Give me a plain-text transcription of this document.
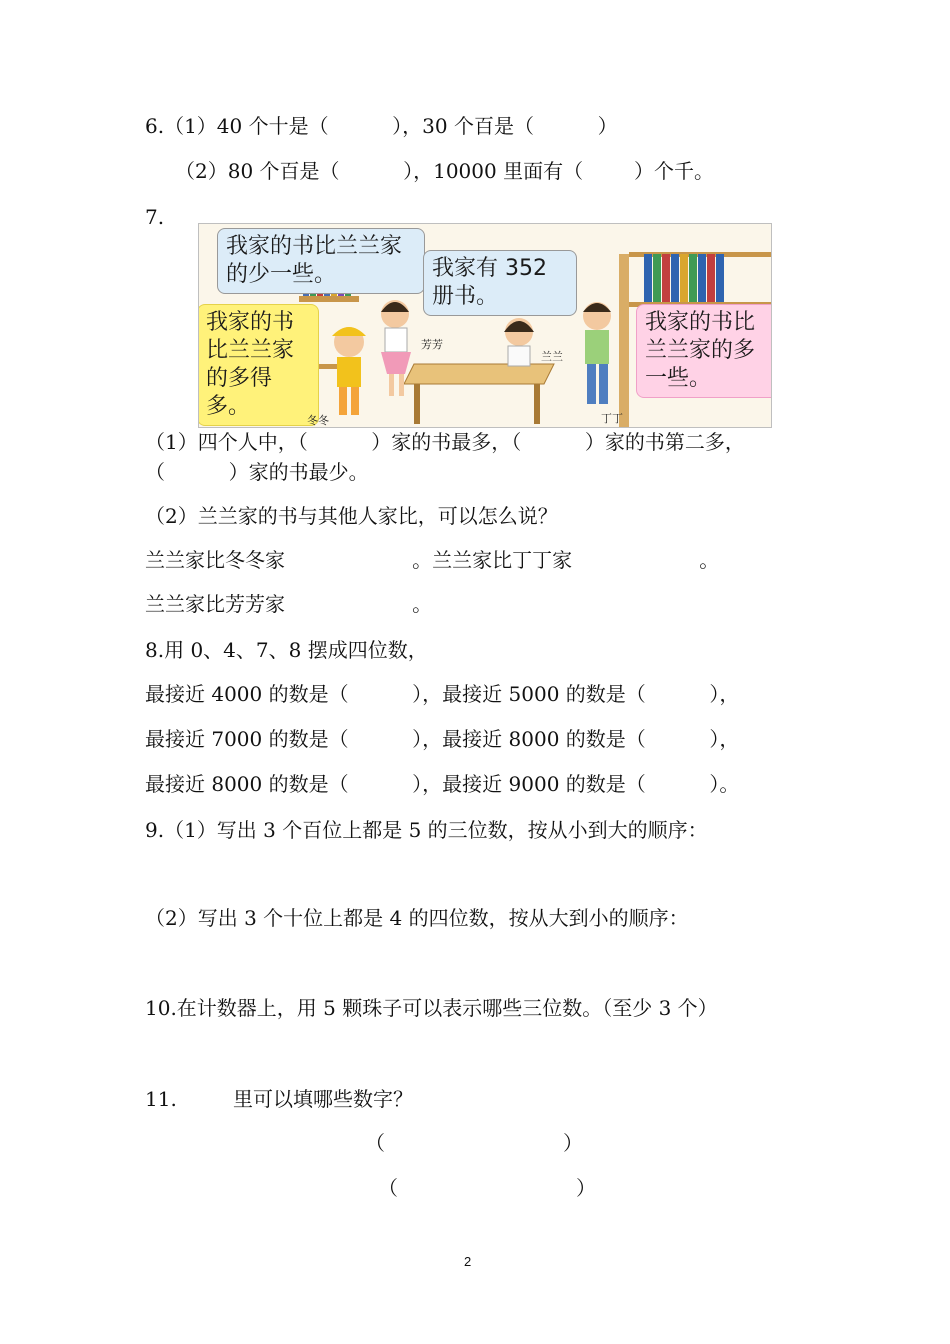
6.（1）40 个十是（          ），30 个百是（          ）
（2）80 个百是（          ），10000 里面有（        ）个千。
7.
我家的书比兰兰家的少一些。	我家有 352 册书。
我家的书比兰兰家的多得多。
我家的书比兰兰家的多一些。
冬冬
芳芳
兰兰
丁丁
（1）四个人中，（          ）家的书最多，（          ）家的书第二多，
（          ）家的书最少。
（2）兰兰家的书与其他人家比，可以怎么说？
兰兰家比冬冬家                    。兰兰家比丁丁家                    。
兰兰家比芳芳家                    。
8.用 0、4、7、8 摆成四位数，
最接近 4000 的数是（          ），最接近 5000 的数是（          ），
最接近 7000 的数是（          ），最接近 8000 的数是（          ），
最接近 8000 的数是（          ），最接近 9000 的数是（          ）。
9.（1）写出 3 个百位上都是 5 的三位数，按从小到大的顺序：
（2）写出 3 个十位上都是 4 的四位数，按从大到小的顺序：
10.在计数器上，用 5 颗珠子可以表示哪些三位数。（至少 3 个）
11.	里可以填哪些数字？
（                            ）
（                            ）
2
